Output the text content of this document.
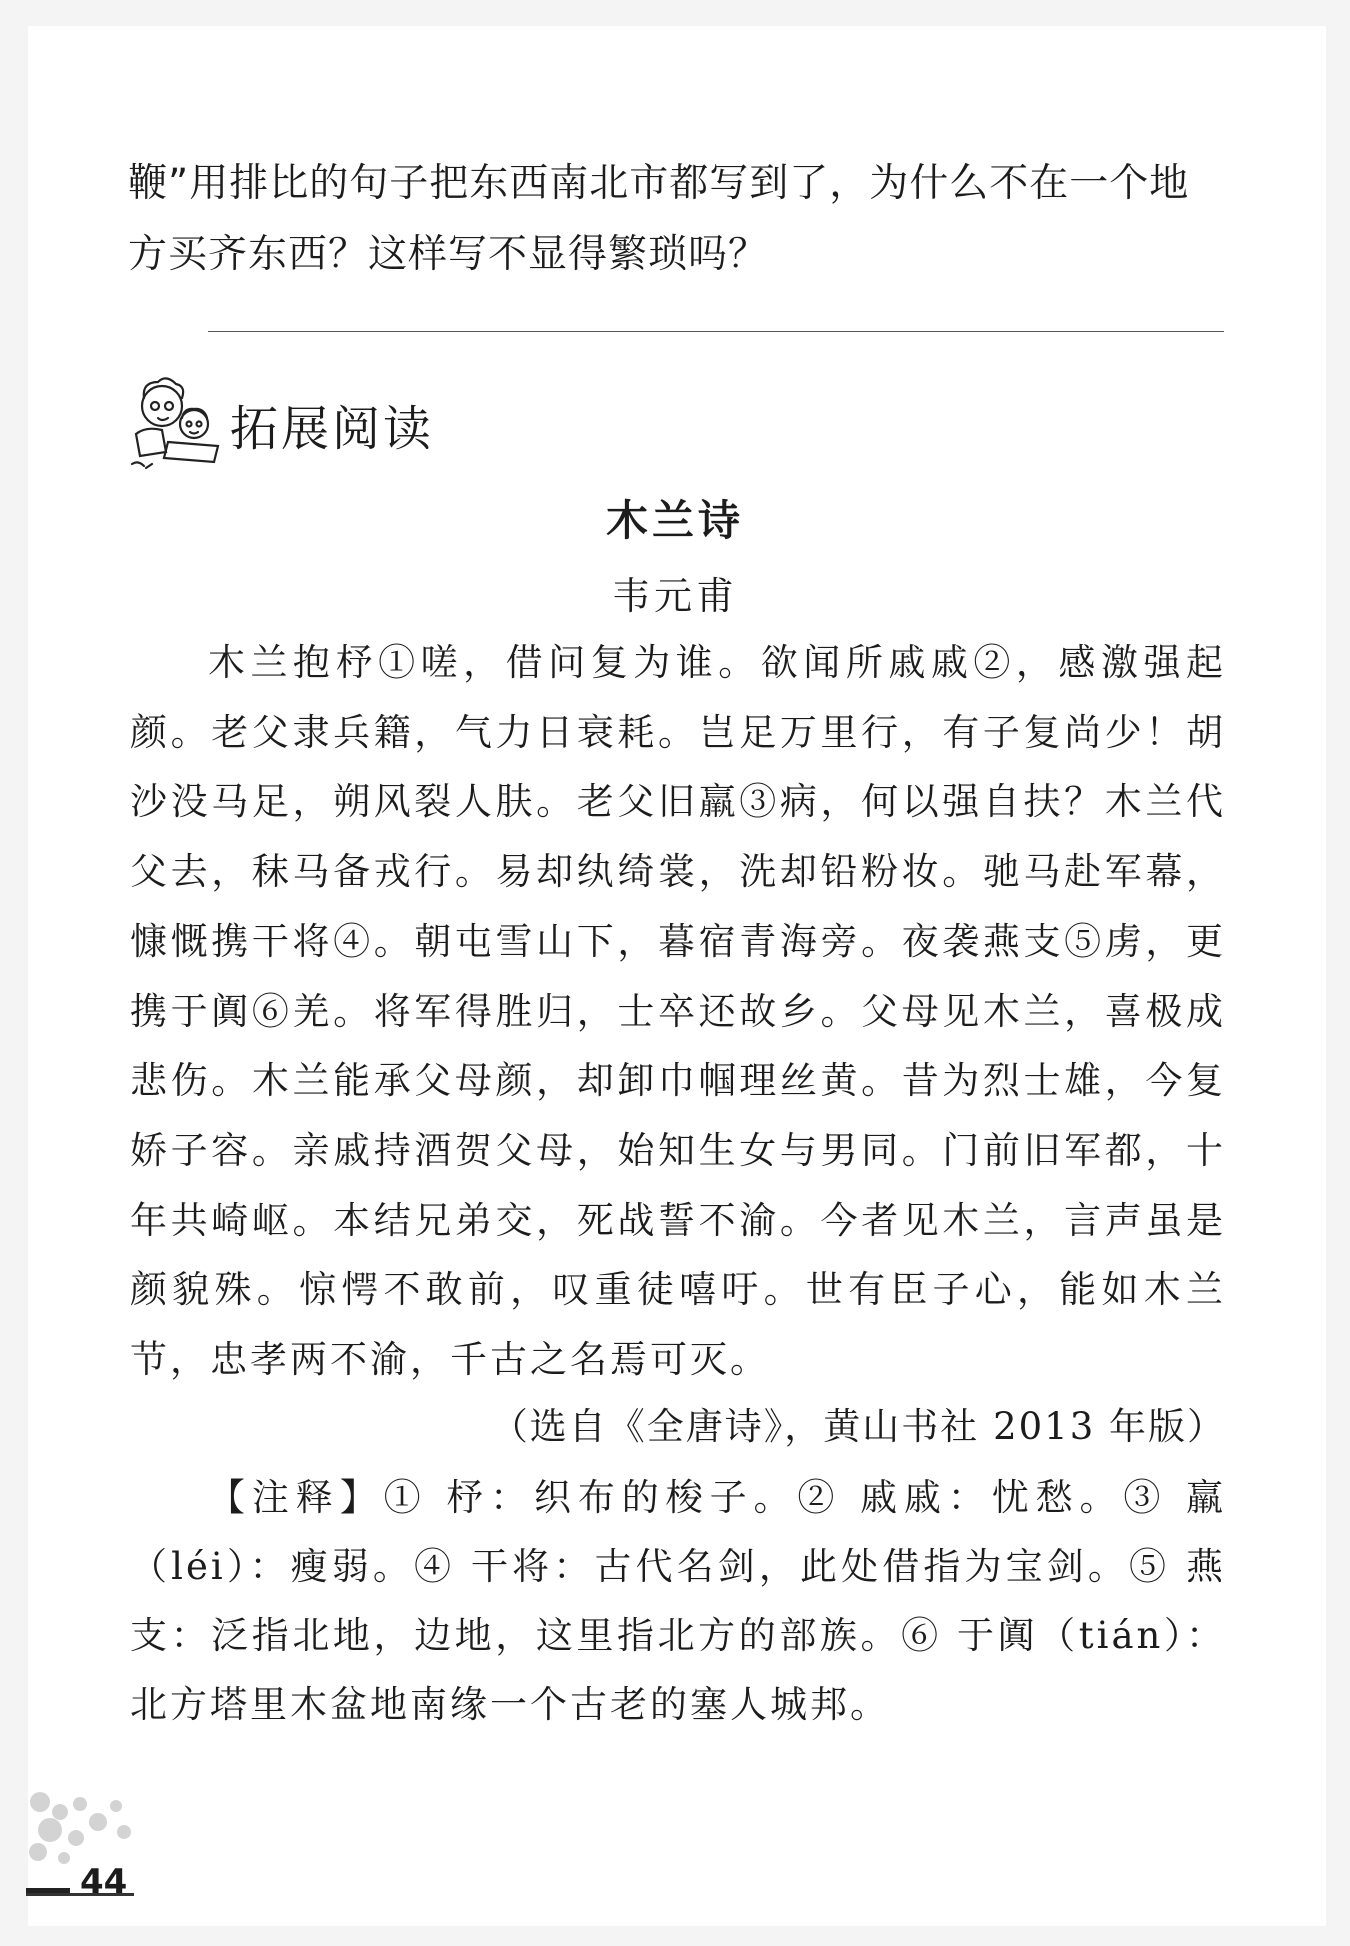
鞭”用排比的句子把东西南北市都写到了，为什么不在一个地方买齐东西？这样写不显得繁琐吗？

拓展阅读
木兰诗
韦元甫

木兰抱杼①嗟，借问复为谁。欲闻所戚戚②，感激强起颜。老父隶兵籍，气力日衰耗。岂足万里行，有子复尚少！胡沙没马足，朔风裂人肤。老父旧羸③病，何以强自扶？木兰代父去，秣马备戎行。易却纨绮裳，洗却铅粉妆。驰马赴军幕，慷慨携干将④。朝屯雪山下，暮宿青海旁。夜袭燕支⑤虏，更携于阗⑥羌。将军得胜归，士卒还故乡。父母见木兰，喜极成悲伤。木兰能承父母颜，却卸巾帼理丝黄。昔为烈士雄，今复娇子容。亲戚持酒贺父母，始知生女与男同。门前旧军都，十年共崎岖。本结兄弟交，死战誓不渝。今者见木兰，言声虽是颜貌殊。惊愕不敢前，叹重徒嘻吁。世有臣子心，能如木兰节，忠孝两不渝，千古之名焉可灭。

（选自《全唐诗》，黄山书社 2013 年版）

【注释】① 杼：织布的梭子。② 戚戚：忧愁。③ 羸（léi）：瘦弱。④ 干将：古代名剑，此处借指为宝剑。⑤ 燕支：泛指北地，边地，这里指北方的部族。⑥ 于阗（tián）：北方塔里木盆地南缘一个古老的塞人城邦。

44
